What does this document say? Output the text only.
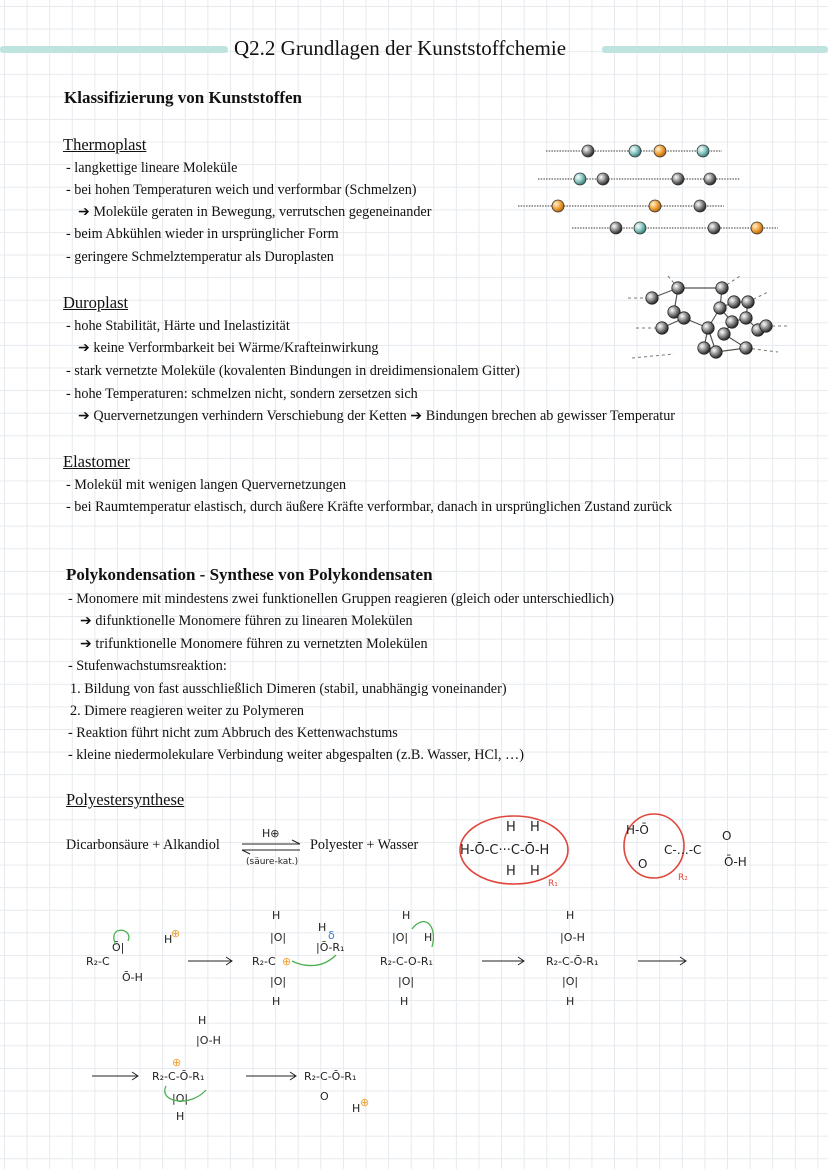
Q2.2 Grundlagen der Kunststoffchemie
Klassifizierung von Kunststoffen
Thermoplast
- langkettige lineare Moleküle
- bei hohen Temperaturen weich und verformbar (Schmelzen)
➔ Moleküle geraten in Bewegung, verrutschen gegeneinander
- beim Abkühlen wieder in ursprünglicher Form
- geringere Schmelztemperatur als Duroplasten
Duroplast
- hohe Stabilität, Härte und Inelastizität
➔ keine Verformbarkeit bei Wärme/Krafteinwirkung
- stark vernetzte Moleküle (kovalenten Bindungen in dreidimensionalem Gitter)
- hohe Temperaturen: schmelzen nicht, sondern zersetzen sich
➔ Quervernetzungen verhindern Verschiebung der Ketten ➔ Bindungen brechen ab gewisser Temperatur
Elastomer
- Molekül mit wenigen langen Quervernetzungen
- bei Raumtemperatur elastisch, durch äußere Kräfte verformbar, danach in ursprünglichen Zustand zurück
Polykondensation - Synthese von Polykondensaten
- Monomere mit mindestens zwei funktionellen Gruppen reagieren (gleich oder unterschiedlich)
➔ difunktionelle Monomere führen zu linearen Molekülen
➔ trifunktionelle Monomere führen zu vernetzten Molekülen
- Stufenwachstumsreaktion:
1. Bildung von fast ausschließlich Dimeren (stabil, unabhängig voneinander)
2. Dimere reagieren weiter zu Polymeren
- Reaktion führt nicht zum Abbruch des Kettenwachstums
- kleine niedermolekulare Verbindung weiter abgespalten (z.B. Wasser, HCl, …)
Polyestersynthese
Dicarbonsäure + Alkandiol
H⊕
(säure-kat.)
Polyester + Wasser
H H
H-Ō-C···C-Ō-H
H H
R₁
H-Ō
C-…-C
O
O
Ō-H
R₂
R₂-C
Ō|
Ō-H
H
⊕
H
|O|
R₂-C ⊕
|O|
H
H
δ
|Ō-R₁
H
|O| H
R₂-C-O-R₁
|O|
H
H
|O-H
R₂-C-Ō-R₁
|O|
H
H
|O-H
R₂-C-Ō-R₁
⊕
|O|
H
R₂-C-Ō-R₁
O
H ⊕
